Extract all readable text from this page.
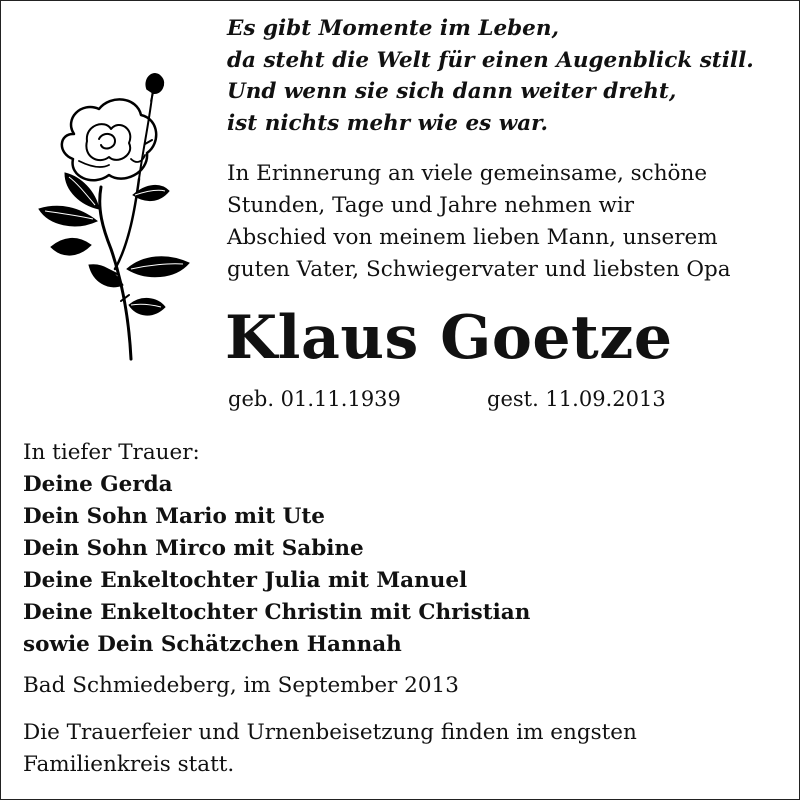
Es gibt Momente im Leben,
da steht die Welt für einen Augenblick still.
Und wenn sie sich dann weiter dreht,
ist nichts mehr wie es war.
In Erinnerung an viele gemeinsame, schöne
Stunden, Tage und Jahre nehmen wir
Abschied von meinem lieben Mann, unserem
guten Vater, Schwiegervater und liebsten Opa
Klaus Goetze
geb. 01.11.1939	gest. 11.09.2013
In tiefer Trauer:
Deine Gerda
Dein Sohn Mario mit Ute
Dein Sohn Mirco mit Sabine
Deine Enkeltochter Julia mit Manuel
Deine Enkeltochter Christin mit Christian
sowie Dein Schätzchen Hannah
Bad Schmiedeberg, im September 2013
Die Trauerfeier und Urnenbeisetzung finden im engsten
Familienkreis statt.
